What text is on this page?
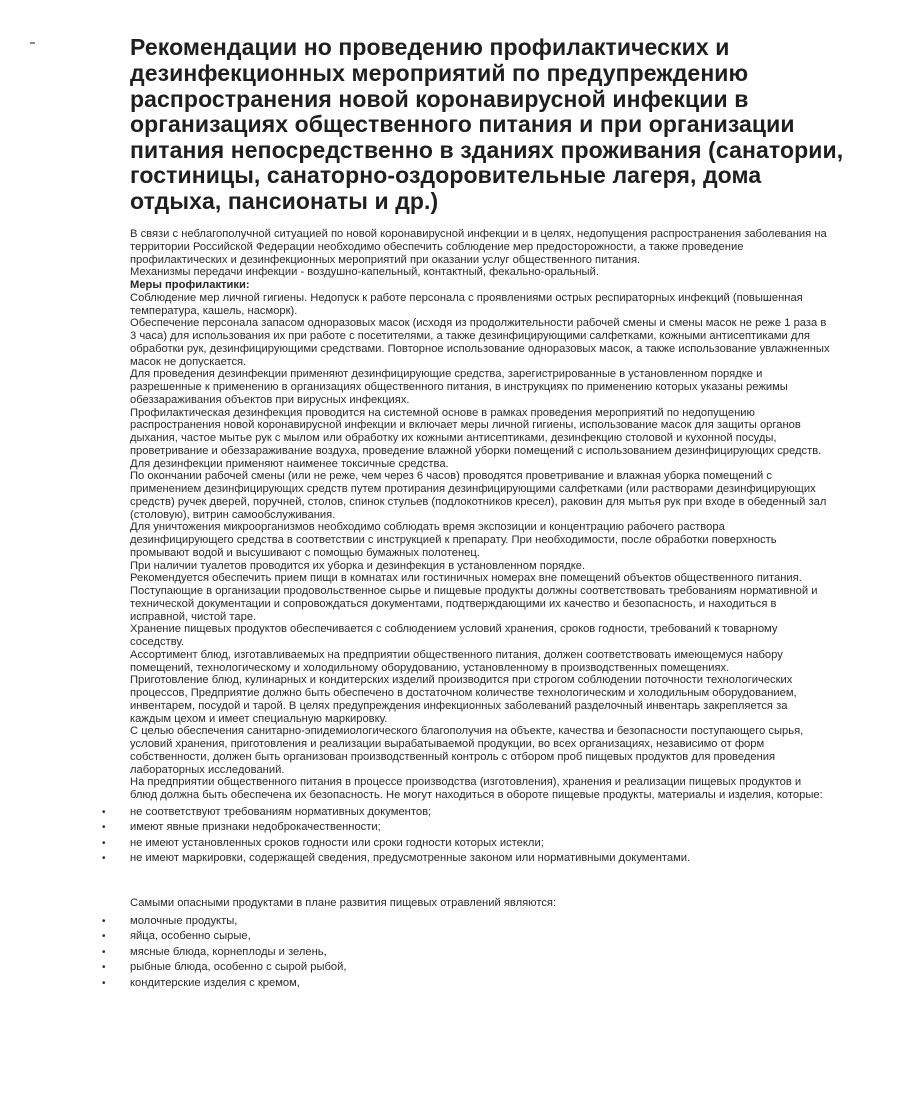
Рекомендации но проведению профилактических и дезинфекционных мероприятий по предупреждению распространения новой коронавирусной инфекции в организациях общественного питания и при организации питания непосредственно в зданиях проживания (санатории, гостиницы, санаторно-оздоровительные лагеря, дома отдыха, пансионаты и др.)

В связи с неблагополучной ситуацией по новой коронавирусной инфекции и в целях, недопущения распространения заболевания на территории Российской Федерации необходимо обеспечить соблюдение мер предосторожности, а также проведение профилактических и дезинфекционных мероприятий при оказании услуг общественного питания.

Механизмы передачи инфекции - воздушно-капельный, контактный, фекально-оральный.

Меры профилактики:

Соблюдение мер личной гигиены. Недопуск к работе персонала с проявлениями острых респираторных инфекций (повышенная температура, кашель, насморк).

Обеспечение персонала запасом одноразовых масок (исходя из продолжительности рабочей смены и смены масок не реже 1 раза в 3 часа) для использования их при работе с посетителями, а также дезинфицирующими салфетками, кожными антисептиками для обработки рук, дезинфицирующими средствами. Повторное использование одноразовых масок, а также использование увлажненных масок не допускается.

Для проведения дезинфекции применяют дезинфицирующие средства, зарегистрированные в установленном порядке и разрешенные к применению в организациях общественного питания, в инструкциях по применению которых указаны режимы обеззараживания объектов при вирусных инфекциях.

Профилактическая дезинфекция проводится на системной основе в рамках проведения мероприятий по недопущению распространения новой коронавирусной инфекции и включает меры личной гигиены, использование масок для защиты органов дыхания, частое мытье рук с мылом или обработку их кожными антисептиками, дезинфекцию столовой и кухонной посуды, проветривание и обеззараживание воздуха, проведение влажной уборки помещений с использованием дезинфицирующих средств. Для дезинфекции применяют наименее токсичные средства.

По окончании рабочей смены (или не реже, чем через 6 часов) проводятся проветривание и влажная уборка помещений с применением дезинфицирующих средств путем протирания дезинфицирующими салфетками (или растворами дезинфицирующих средств) ручек дверей, поручней, столов, спинок стульев (подлокотников кресел), раковин для мытья рук при входе в обеденный зал (столовую), витрин самообслуживания.

Для уничтожения микроорганизмов необходимо соблюдать время экспозиции и концентрацию рабочего раствора дезинфицирующего средства в соответствии с инструкцией к препарату. При необходимости, после обработки поверхность промывают водой и высушивают с помощью бумажных полотенец.

При наличии туалетов проводится их уборка и дезинфекция в установленном порядке.

Рекомендуется обеспечить прием пищи в комнатах или гостиничных номерах вне помещений объектов общественного питания.

Поступающие в организации продовольственное сырье и пищевые продукты должны соответствовать требованиям нормативной и технической документации и сопровождаться документами, подтверждающими их качество и безопасность, и находиться в исправной, чистой таре.

Хранение пищевых продуктов обеспечивается с соблюдением условий хранения, сроков годности, требований к товарному соседству.

Ассортимент блюд, изготавливаемых на предприятии общественного питания, должен соответствовать имеющемуся набору помещений, технологическому и холодильному оборудованию, установленному в производственных помещениях.

Приготовление блюд, кулинарных и кондитерских изделий производится при строгом соблюдении поточности технологических процессов, Предприятие должно быть обеспечено в достаточном количестве технологическим и холодильным оборудованием, инвентарем, посудой и тарой. В целях предупреждения инфекционных заболеваний разделочный инвентарь закрепляется за каждым цехом и имеет специальную маркировку.

С целью обеспечения санитарно-эпидемиологического благополучия на объекте, качества и безопасности поступающего сырья, условий хранения, приготовления и реализации вырабатываемой продукции, во всех организациях, независимо от форм собственности, должен быть организован производственный контроль с отбором проб пищевых продуктов для проведения лабораторных исследований.

На предприятии общественного питания в процессе производства (изготовления), хранения и реализации пищевых продуктов и блюд должна быть обеспечена их безопасность. Не могут находиться в обороте пищевые продукты, материалы и изделия, которые:

• не соответствуют требованиям нормативных документов;
• имеют явные признаки недоброкачественности;
• не имеют установленных сроков годности или сроки годности которых истекли;
• не имеют маркировки, содержащей сведения, предусмотренные законом или нормативными документами.

Самыми опасными продуктами в плане развития пищевых отравлений являются:

• молочные продукты,
• яйца, особенно сырые,
• мясные блюда, корнеплоды и зелень,
• рыбные блюда, особенно с сырой рыбой,
• кондитерские изделия с кремом,
